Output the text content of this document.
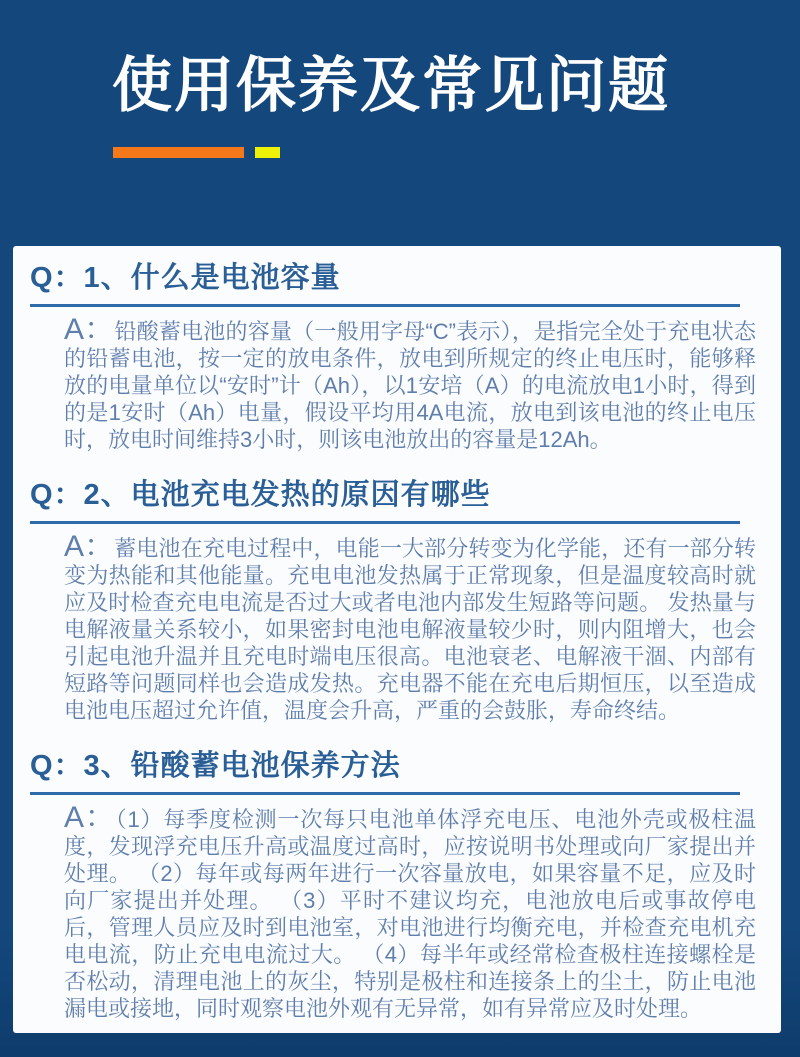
使用保养及常见问题
Q：1、什么是电池容量

A：铅酸蓄电池的容量（一般用字母“C”表示），是指完全处于充电状态的铅蓄电池，按一定的放电条件，放电到所规定的终止电压时，能够释放的电量单位以“安时”计（Ah），以1安培（A）的电流放电1小时，得到的是1安时（Ah）电量，假设平均用4A电流，放电到该电池的终止电压时，放电时间维持3小时，则该电池放出的容量是12Ah。

Q：2、电池充电发热的原因有哪些

A：蓄电池在充电过程中，电能一大部分转变为化学能，还有一部分转变为热能和其他能量。充电电池发热属于正常现象，但是温度较高时就应及时检查充电电流是否过大或者电池内部发生短路等问题。 发热量与电解液量关系较小，如果密封电池电解液量较少时，则内阻增大，也会引起电池升温并且充电时端电压很高。电池衰老、电解液干涸、内部有短路等问题同样也会造成发热。充电器不能在充电后期恒压，以至造成电池电压超过允许值，温度会升高，严重的会鼓胀，寿命终结。

Q：3、铅酸蓄电池保养方法

A：（1）每季度检测一次每只电池单体浮充电压、电池外壳或极柱温度，发现浮充电压升高或温度过高时，应按说明书处理或向厂家提出并处理。 （2）每年或每两年进行一次容量放电，如果容量不足，应及时向厂家提出并处理。 （3）平时不建议均充，电池放电后或事故停电后，管理人员应及时到电池室，对电池进行均衡充电，并检查充电机充电电流，防止充电电流过大。 （4）每半年或经常检查极柱连接螺栓是否松动，清理电池上的灰尘，特别是极柱和连接条上的尘土，防止电池漏电或接地，同时观察电池外观有无异常，如有异常应及时处理。
